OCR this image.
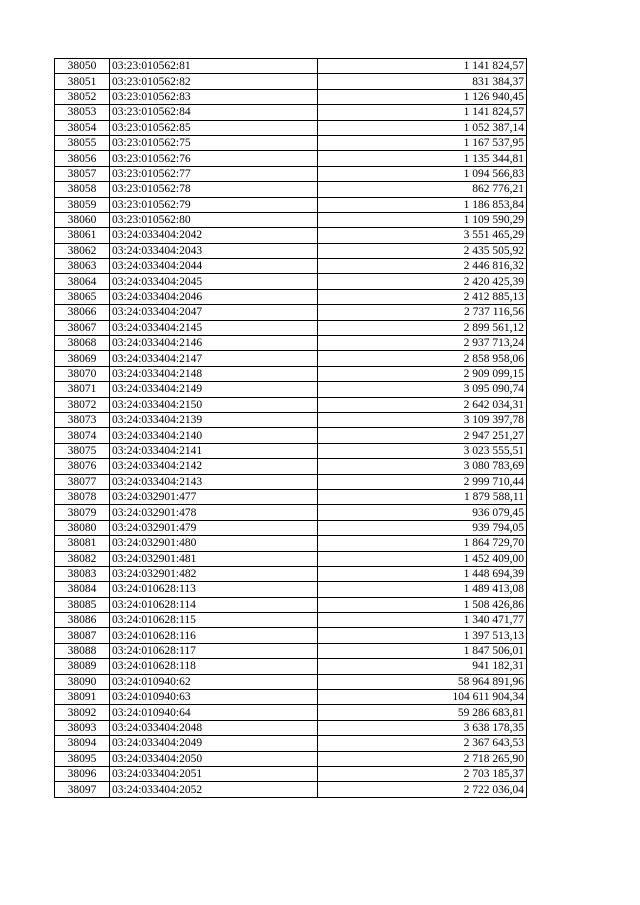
38050	03:23:010562:81	1 141 824,57
38051	03:23:010562:82	831 384,37
38052	03:23:010562:83	1 126 940,45
38053	03:23:010562:84	1 141 824,57
38054	03:23:010562:85	1 052 387,14
38055	03:23:010562:75	1 167 537,95
38056	03:23:010562:76	1 135 344,81
38057	03:23:010562:77	1 094 566,83
38058	03:23:010562:78	862 776,21
38059	03:23:010562:79	1 186 853,84
38060	03:23:010562:80	1 109 590,29
38061	03:24:033404:2042	3 551 465,29
38062	03:24:033404:2043	2 435 505,92
38063	03:24:033404:2044	2 446 816,32
38064	03:24:033404:2045	2 420 425,39
38065	03:24:033404:2046	2 412 885,13
38066	03:24:033404:2047	2 737 116,56
38067	03:24:033404:2145	2 899 561,12
38068	03:24:033404:2146	2 937 713,24
38069	03:24:033404:2147	2 858 958,06
38070	03:24:033404:2148	2 909 099,15
38071	03:24:033404:2149	3 095 090,74
38072	03:24:033404:2150	2 642 034,31
38073	03:24:033404:2139	3 109 397,78
38074	03:24:033404:2140	2 947 251,27
38075	03:24:033404:2141	3 023 555,51
38076	03:24:033404:2142	3 080 783,69
38077	03:24:033404:2143	2 999 710,44
38078	03:24:032901:477	1 879 588,11
38079	03:24:032901:478	936 079,45
38080	03:24:032901:479	939 794,05
38081	03:24:032901:480	1 864 729,70
38082	03:24:032901:481	1 452 409,00
38083	03:24:032901:482	1 448 694,39
38084	03:24:010628:113	1 489 413,08
38085	03:24:010628:114	1 508 426,86
38086	03:24:010628:115	1 340 471,77
38087	03:24:010628:116	1 397 513,13
38088	03:24:010628:117	1 847 506,01
38089	03:24:010628:118	941 182,31
38090	03:24:010940:62	58 964 891,96
38091	03:24:010940:63	104 611 904,34
38092	03:24:010940:64	59 286 683,81
38093	03:24:033404:2048	3 638 178,35
38094	03:24:033404:2049	2 367 643,53
38095	03:24:033404:2050	2 718 265,90
38096	03:24:033404:2051	2 703 185,37
38097	03:24:033404:2052	2 722 036,04
